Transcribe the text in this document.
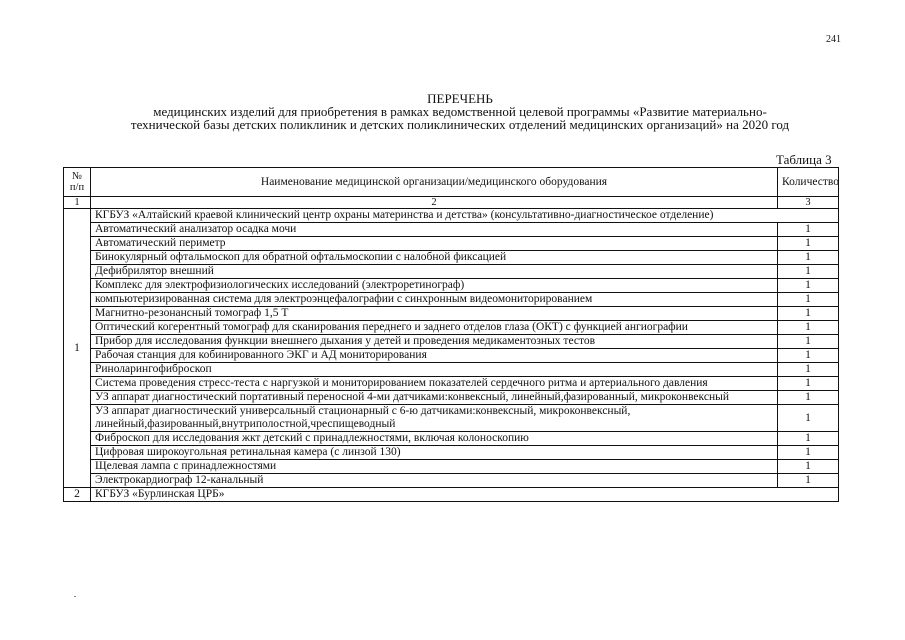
241
ПЕРЕЧЕНЬ
медицинских изделий для приобретения в рамках ведомственной целевой программы «Развитие материально-
технической базы детских поликлиник и детских поликлинических отделений медицинских организаций» на 2020 год
Таблица 3
№ п/п	Наименование медицинской организации/медицинского оборудования	Количество
1	2	3
1	КГБУЗ «Алтайский краевой клинический центр охраны материнства и детства» (консультативно-диагностическое отделение)	
	Автоматический анализатор осадка мочи	1
	Автоматический периметр	1
	Бинокулярный офтальмоскоп для обратной офтальмоскопии с налобной фиксацией	1
	Дефибрилятор внешний	1
	Комплекс для электрофизиологических исследований (электроретинограф)	1
	компьютеризированная система для электроэнцефалографии с синхронным видеомониторированием	1
	Магнитно-резонансный томограф 1,5 Т	1
	Оптический когерентный томограф для сканирования переднего и заднего отделов глаза (ОКТ) с функцией ангиографии	1
	Прибор для исследования функции внешнего дыхания у детей и проведения медикаментозных тестов	1
	Рабочая станция для кобинированного ЭКГ и АД мониторирования	1
	Риноларингофиброскоп	1
	Система проведения стресс-теста с наргузкой и мониторированием показателей сердечного ритма и артериального давления	1
	УЗ аппарат диагностический портативный переносной 4-ми датчиками:конвексный, линейный,фазированный, микроконвексный	1
	УЗ аппарат диагностический универсальный стационарный с 6-ю датчиками:конвексный, микроконвексный, линейный,фазированный,внутриполостной,чреспищеводный	1
	Фиброскоп для исследования жкт детский с принадлежностями, включая колоноскопию	1
	Цифровая широкоугольная ретинальная камера (с линзой 130)	1
	Щелевая лампа с принадлежностями	1
	Электрокардиограф 12-канальный	1
2	КГБУЗ «Бурлинская ЦРБ»	
